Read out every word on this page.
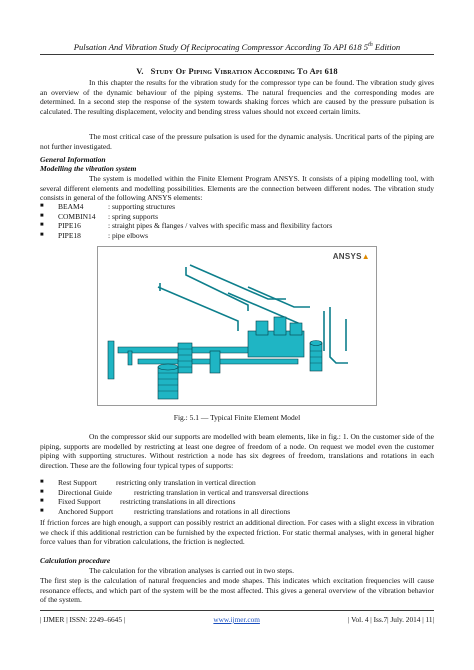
Pulsation And Vibration Study Of Reciprocating Compressor According To API 618 5th Edition
V. Study Of Piping Vibration According To Api 618

In this chapter the results for the vibration study for the compressor type can be found. The vibration study gives an overview of the dynamic behaviour of the piping systems. The natural frequencies and the corresponding modes are determined. In a second step the response of the system towards shaking forces which are caused by the pressure pulsation is calculated. The resulting displacement, velocity and bending stress values should not exceed certain limits.

The most critical case of the pressure pulsation is used for the dynamic analysis. Uncritical parts of the piping are not further investigated.

General Information
Modelling the vibration system

The system is modelled within the Finite Element Program ANSYS. It consists of a piping modelling tool, with several different elements and modelling possibilities. Elements are the connection between different nodes. The vibration study consists in general of the following ANSYS elements:

■	BEAM4	: supporting structures
■	COMBIN14	: spring supports
■	PIPE16	: straight pipes & flanges / valves with specific mass and flexibility factors
■	PIPE18	: pipe elbows
ANSYS▲
Fig.: 5.1 — Typical Finite Element Model

On the compressor skid our supports are modelled with beam elements, like in fig.: 1. On the customer side of the piping, supports are modelled by restricting at least one degree of freedom of a node. On request we model even the customer piping with supporting structures. Without restriction a node has six degrees of freedom, translations and rotations in each direction. These are the following four typical types of supports:

■	Rest Support	restricting only translation in vertical direction
■	Directional Guide	restricting translation in vertical and transversal directions
■	Fixed Support	restricting translations in all directions
■	Anchored Support	restricting translations and rotations in all directions

If friction forces are high enough, a support can possibly restrict an additional direction. For cases with a slight excess in vibration we check if this additional restriction can be furnished by the expected friction. For static thermal analyses, with in general higher force values than for vibration calculations, the friction is neglected.

Calculation procedure

The calculation for the vibration analyses is carried out in two steps.

The first step is the calculation of natural frequencies and mode shapes. This indicates which excitation frequencies will cause resonance effects, and which part of the system will be the most affected. This gives a general overview of the vibration behavior of the system.

| IJMER | ISSN: 2249–6645 |	www.ijmer.com	| Vol. 4 | Iss.7| July. 2014 | 11|
